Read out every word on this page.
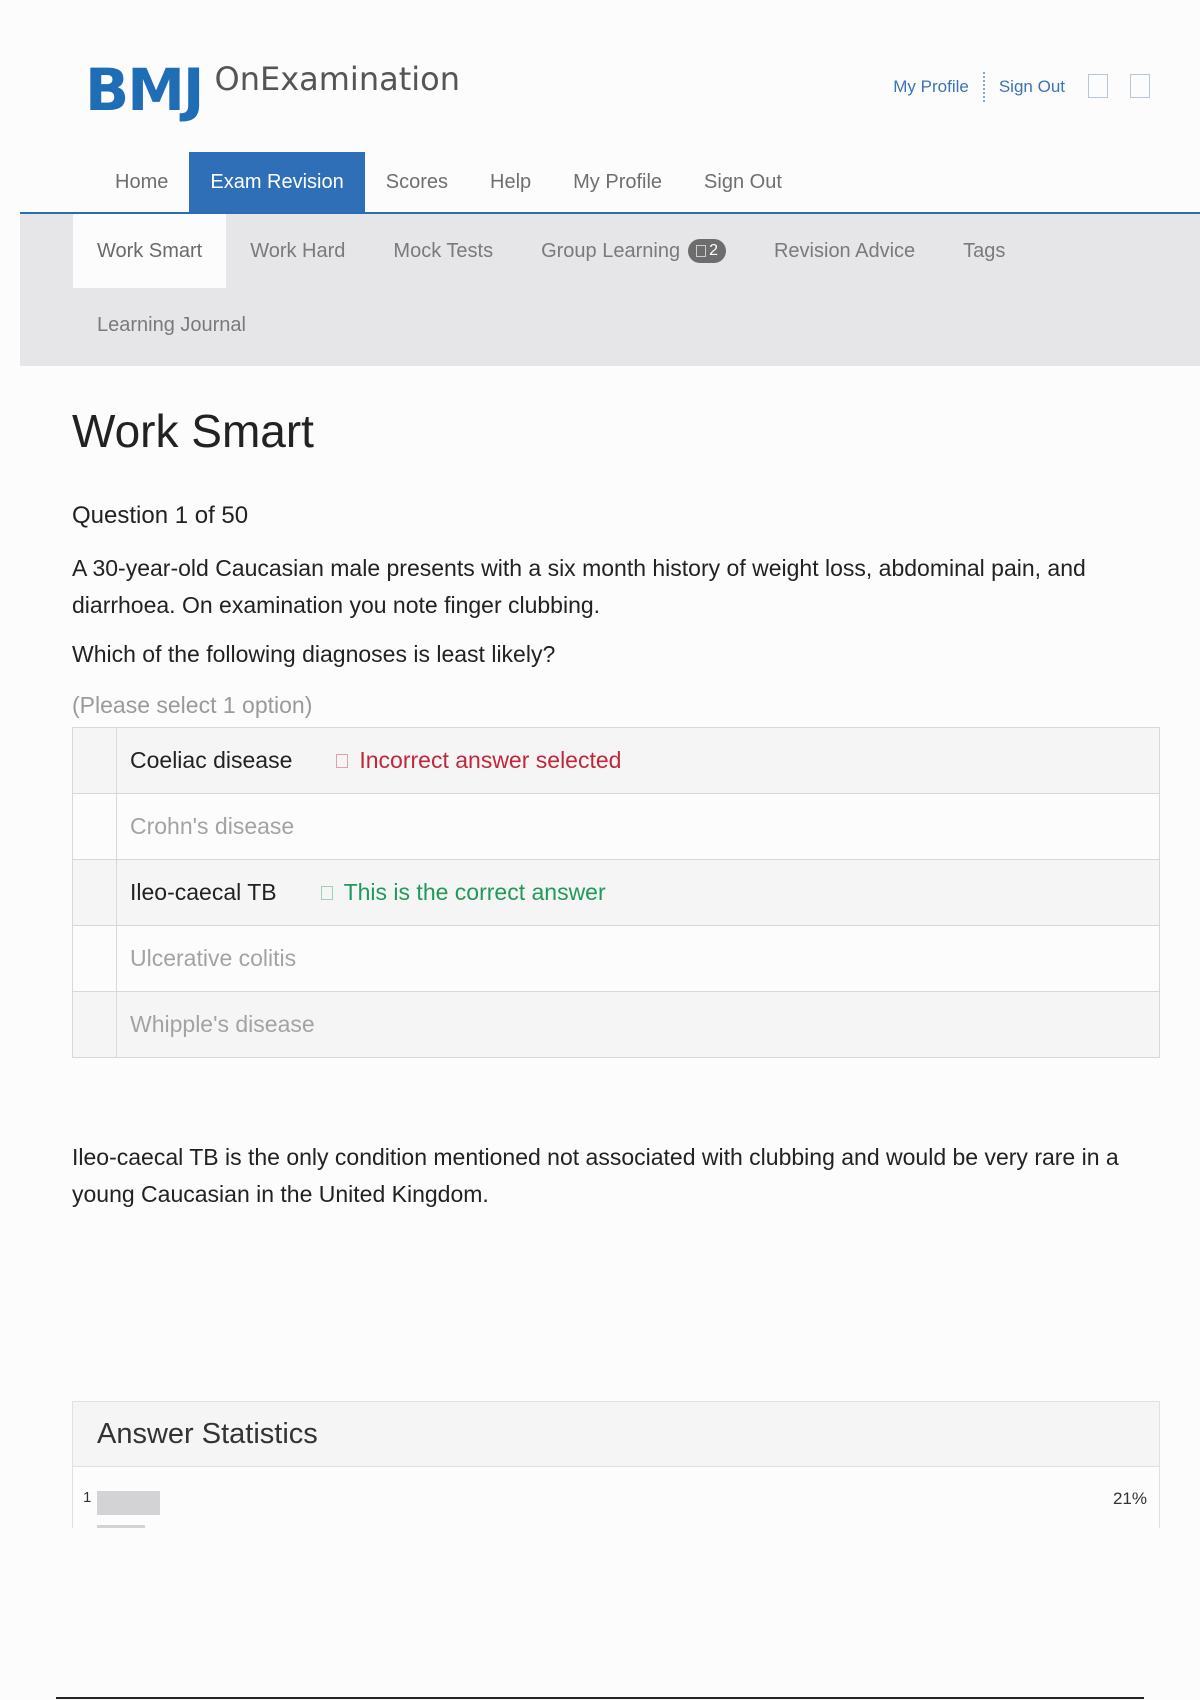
BMJ OnExamination	My Profile Sign Out
Home	Exam Revision	Scores	Help	My Profile	Sign Out
Work Smart	Work Hard	Mock Tests	Group Learning 2	Revision Advice	Tags
Learning Journal
Work Smart
Question 1 of 50
A 30-year-old Caucasian male presents with a six month history of weight loss, abdominal pain, and diarrhoea. On examination you note finger clubbing.
Which of the following diagnoses is least likely?
(Please select 1 option)
Coeliac disease	Incorrect answer selected
Crohn's disease
Ileo-caecal TB	This is the correct answer
Ulcerative colitis
Whipple's disease
Ileo-caecal TB is the only condition mentioned not associated with clubbing and would be very rare in a young Caucasian in the United Kingdom.
Answer Statistics
1	21%
